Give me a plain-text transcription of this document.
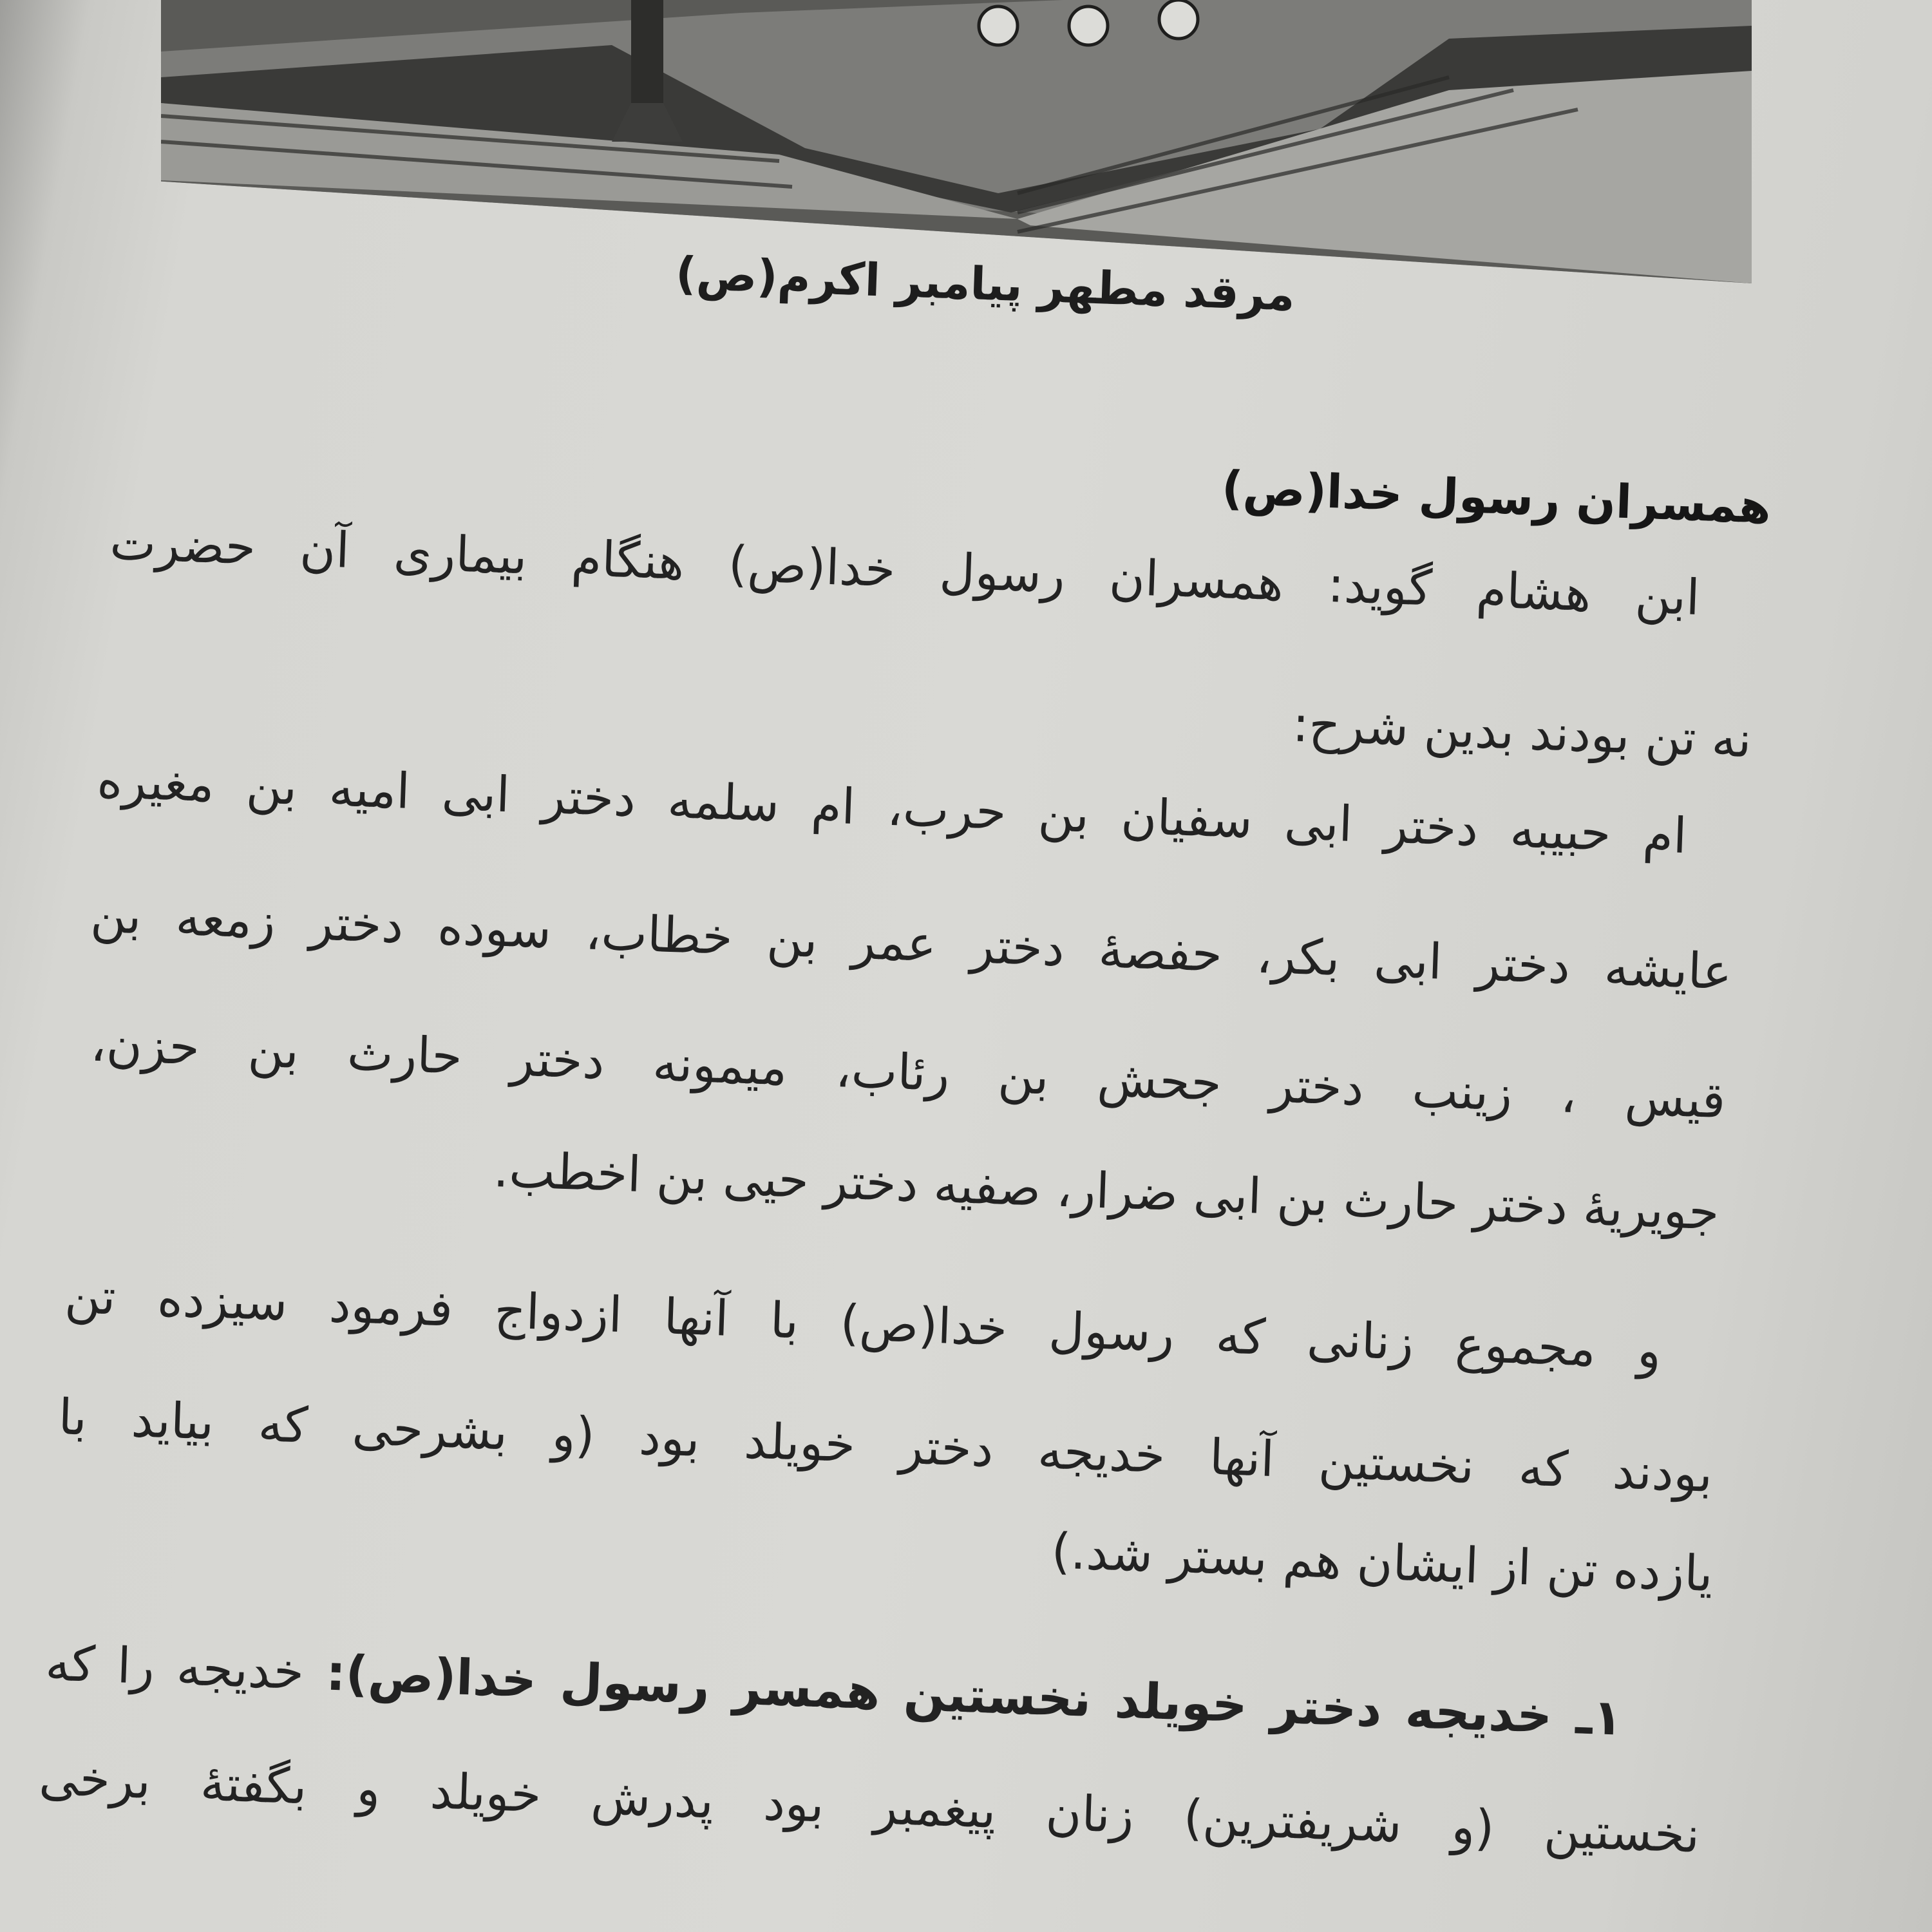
مرقد مطهر پیامبر اکرم(ص)
همسران رسول خدا(ص)
ابن هشام گوید: همسران رسول خدا(ص) هنگام بیماری آن حضرت
نه تن بودند بدین شرح:
ام حبیبه دختر ابی سفیان بن حرب، ام سلمه دختر ابی امیه بن مغیره
عایشه دختر ابی بکر، حفصهٔ دختر عمر بن خطاب، سوده دختر زمعه بن
قیس ، زینب دختر جحش بن رئاب، میمونه دختر حارث بن حزن،
جویریهٔ دختر حارث بن ابی ضرار، صفیه دختر حیی بن اخطب.
و مجموع زنانی که رسول خدا(ص) با آنها ازدواج فرمود سیزده تن
بودند که نخستین آنها خدیجه دختر خویلد بود (و بشرحی که بیاید با
یازده تن از ایشان هم بستر شد.)
۱ـ خدیجه دختر خویلد نخستین همسر رسول خدا(ص): خدیجه را که
نخستین (و شریفترین) زنان پیغمبر بود پدرش خویلد و بگفتهٔ برخی
